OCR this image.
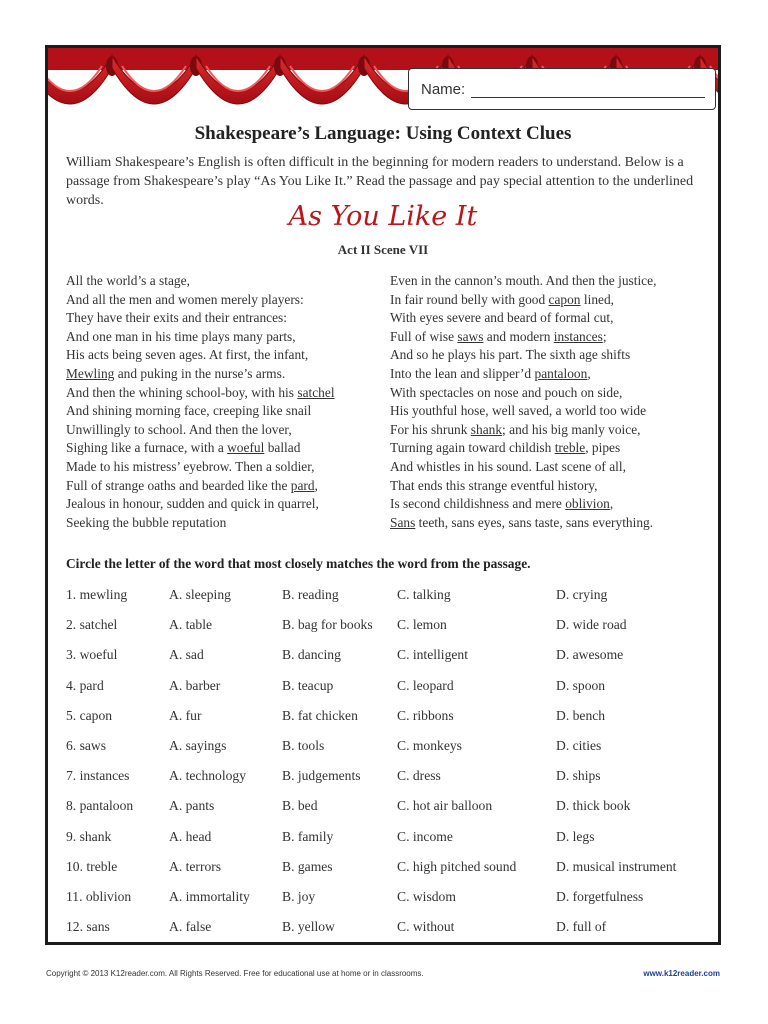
Name:
Shakespeare’s Language: Using Context Clues
William Shakespeare’s English is often difficult in the beginning for modern readers to understand. Below is a passage from Shakespeare’s play “As You Like It.” Read the passage and pay special attention to the underlined words.
As You Like It
Act II Scene VII
All the world’s a stage,
And all the men and women merely players:
They have their exits and their entrances:
And one man in his time plays many parts,
His acts being seven ages. At first, the infant,
Mewling and puking in the nurse’s arms.
And then the whining school-boy, with his satchel
And shining morning face, creeping like snail
Unwillingly to school. And then the lover,
Sighing like a furnace, with a woeful ballad
Made to his mistress’ eyebrow. Then a soldier,
Full of strange oaths and bearded like the pard,
Jealous in honour, sudden and quick in quarrel,
Seeking the bubble reputation
Even in the cannon’s mouth. And then the justice,
In fair round belly with good capon lined,
With eyes severe and beard of formal cut,
Full of wise saws and modern instances;
And so he plays his part. The sixth age shifts
Into the lean and slipper’d pantaloon,
With spectacles on nose and pouch on side,
His youthful hose, well saved, a world too wide
For his shrunk shank; and his big manly voice,
Turning again toward childish treble, pipes
And whistles in his sound. Last scene of all,
That ends this strange eventful history,
Is second childishness and mere oblivion,
Sans teeth, sans eyes, sans taste, sans everything.
Circle the letter of the word that most closely matches the word from the passage.
1. mewling	A. sleeping	B. reading	C. talking	D. crying
2. satchel	A. table	B. bag for books C. lemon	D. wide road
3. woeful	A. sad	B. dancing	C. intelligent	D. awesome
4. pard	A. barber	B. teacup	C. leopard	D. spoon
5. capon	A. fur	B. fat chicken	C. ribbons	D. bench
6. saws	A. sayings	B. tools	C. monkeys	D. cities
7. instances	A. technology	B. judgements	C. dress	D. ships
8. pantaloon	A. pants	B. bed	C. hot air balloon	D. thick book
9. shank	A. head	B. family	C. income	D. legs
10. treble	A. terrors	B. games	C. high pitched sound	D. musical instrument
11. oblivion	A. immortality B. joy	C. wisdom	D. forgetfulness
12. sans	A. false	B. yellow	C. without	D. full of
Copyright © 2013 K12reader.com. All Rights Reserved. Free for educational use at home or in classrooms.	www.k12reader.com
